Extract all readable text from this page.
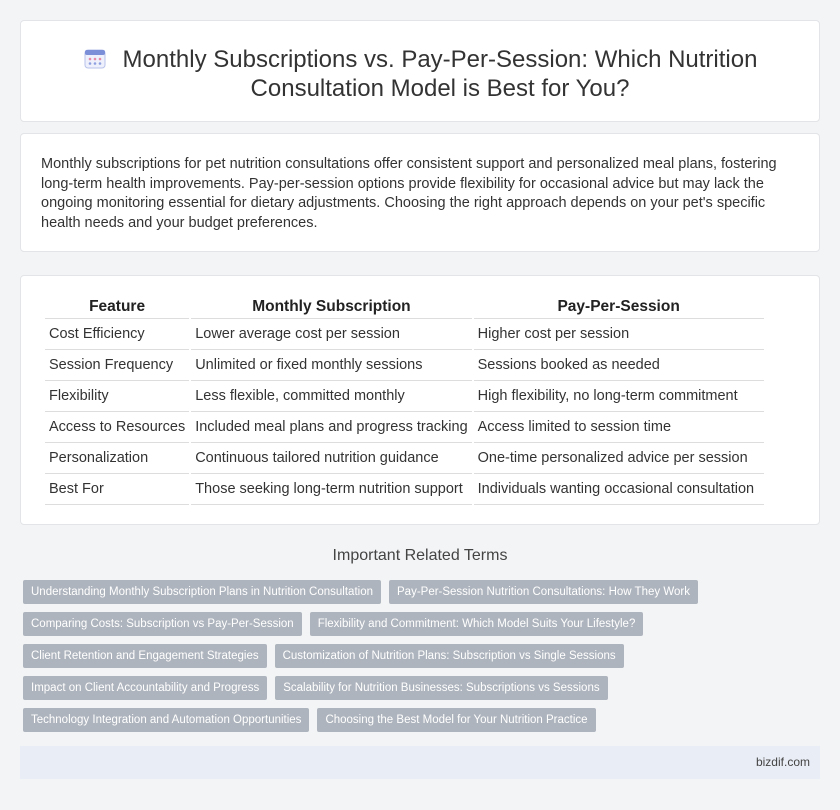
Monthly Subscriptions vs. Pay-Per-Session: Which Nutrition Consultation Model is Best for You?

Monthly subscriptions for pet nutrition consultations offer consistent support and personalized meal plans, fostering long-term health improvements. Pay-per-session options provide flexibility for occasional advice but may lack the ongoing monitoring essential for dietary adjustments. Choosing the right approach depends on your pet's specific health needs and your budget preferences.

Feature	Monthly Subscription	Pay-Per-Session
Cost Efficiency	Lower average cost per session	Higher cost per session
Session Frequency	Unlimited or fixed monthly sessions	Sessions booked as needed
Flexibility	Less flexible, committed monthly	High flexibility, no long-term commitment
Access to Resources	Included meal plans and progress tracking	Access limited to session time
Personalization	Continuous tailored nutrition guidance	One-time personalized advice per session
Best For	Those seeking long-term nutrition support	Individuals wanting occasional consultation
Important Related Terms
Understanding Monthly Subscription Plans in Nutrition Consultation	Pay-Per-Session Nutrition Consultations: How They Work
Comparing Costs: Subscription vs Pay-Per-Session	Flexibility and Commitment: Which Model Suits Your Lifestyle?
Client Retention and Engagement Strategies	Customization of Nutrition Plans: Subscription vs Single Sessions
Impact on Client Accountability and Progress	Scalability for Nutrition Businesses: Subscriptions vs Sessions
Technology Integration and Automation Opportunities	Choosing the Best Model for Your Nutrition Practice
bizdif.com
